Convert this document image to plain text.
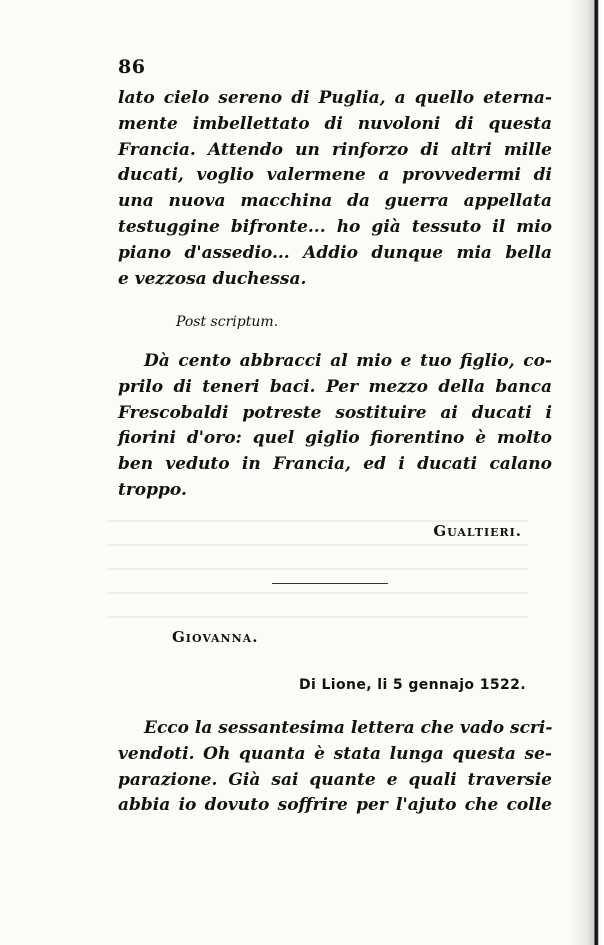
86
lato cielo sereno di Puglia, a quello eterna-
mente imbellettato di nuvoloni di questa
Francia. Attendo un rinforzo di altri mille
ducati, voglio valermene a provvedermi di
una nuova macchina da guerra appellata
testuggine bifronte... ho già tessuto il mio
piano d'assedio... Addio dunque mia bella
e vezzosa duchessa.
Post scriptum.
Dà cento abbracci al mio e tuo figlio, co-
prilo di teneri baci. Per mezzo della banca
Frescobaldi potreste sostituire ai ducati i
fiorini d'oro: quel giglio fiorentino è molto
ben veduto in Francia, ed i ducati calano
troppo.
Gualtieri.
Giovanna.
Di Lione, li 5 gennajo 1522.
Ecco la sessantesima lettera che vado scri-
vendoti. Oh quanta è stata lunga questa se-
parazione. Già sai quante e quali traversie
abbia io dovuto soffrire per l'ajuto che colle
